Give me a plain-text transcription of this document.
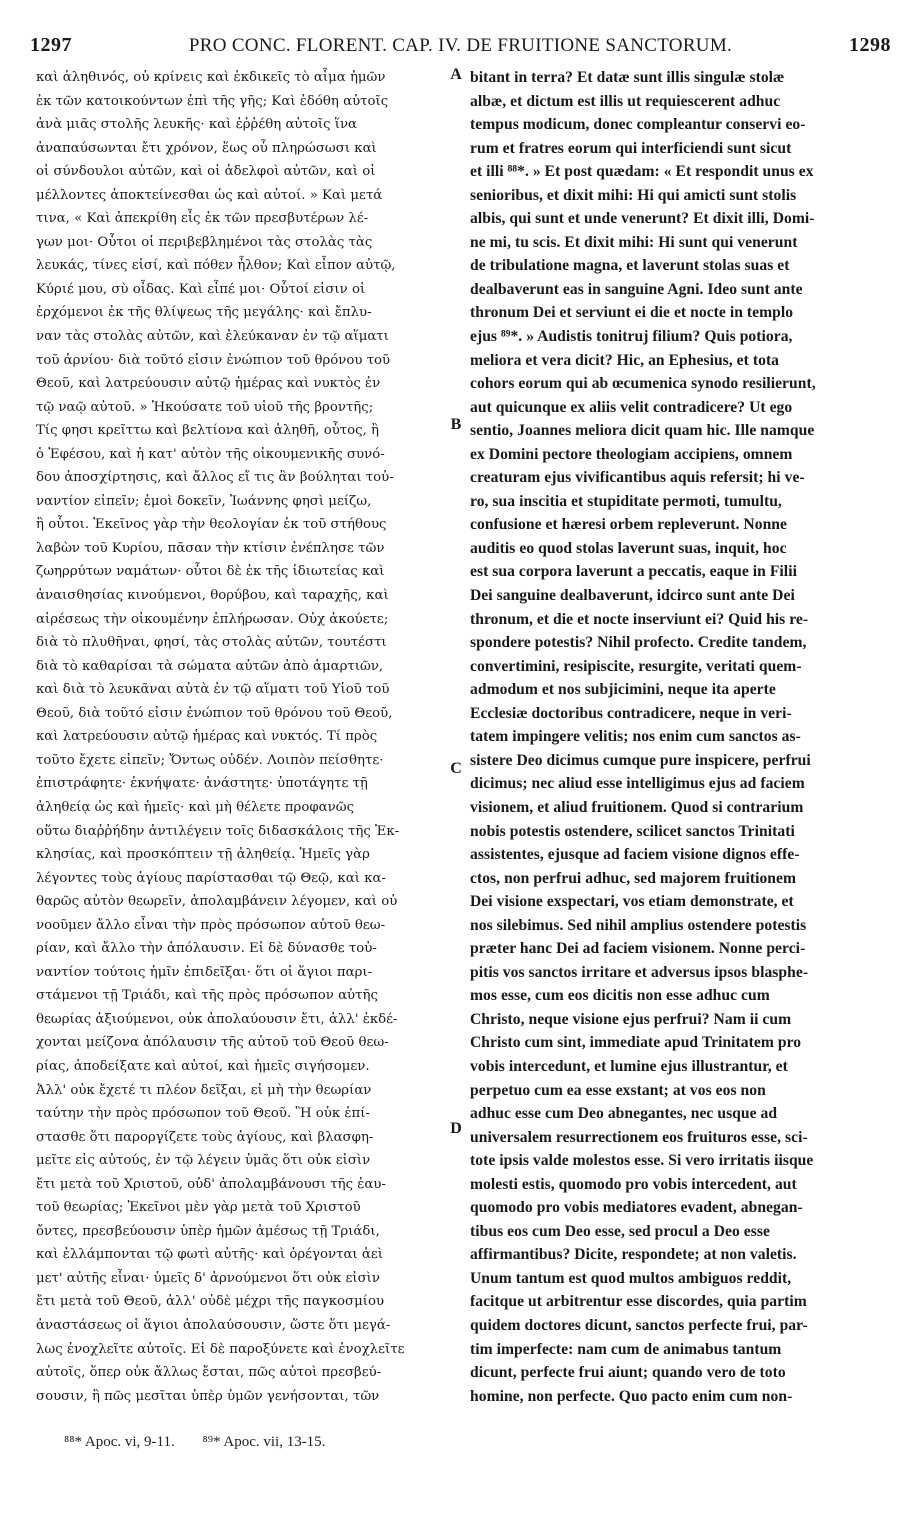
1297	PRO CONC. FLORENT. CAP. IV. DE FRUITIONE SANCTORUM.	1298

καὶ ἀληθινός, οὐ κρίνεις καὶ ἐκδικεῖς τὸ αἷμα ἡμῶν
ἐκ τῶν κατοικούντων ἐπὶ τῆς γῆς; Καὶ ἐδόθη αὐτοῖς
ἀνὰ μιᾶς στολῆς λευκῆς· καὶ ἐῤῥέθη αὐτοῖς ἵνα
ἀναπαύσωνται ἔτι χρόνον, ἕως οὗ πληρώσωσι καὶ
οἱ σύνδουλοι αὐτῶν, καὶ οἱ ἀδελφοὶ αὐτῶν, καὶ οἱ
μέλλοντες ἀποκτείνεσθαι ὡς καὶ αὐτοί. » Καὶ μετά
τινα, « Καὶ ἀπεκρίθη εἷς ἐκ τῶν πρεσβυτέρων λέ-
γων μοι· Οὗτοι οἱ περιβεβλημένοι τὰς στολὰς τὰς
λευκάς, τίνες εἰσί, καὶ πόθεν ἦλθον; Καὶ εἶπον αὐτῷ,
Κύριέ μου, σὺ οἶδας. Καὶ εἶπέ μοι· Οὗτοί εἰσιν οἱ
ἐρχόμενοι ἐκ τῆς θλίψεως τῆς μεγάλης· καὶ ἔπλυ-
ναν τὰς στολὰς αὐτῶν, καὶ ἐλεύκαναν ἐν τῷ αἵματι
τοῦ ἀρνίου· διὰ τοῦτό εἰσιν ἐνώπιον τοῦ θρόνου τοῦ
Θεοῦ, καὶ λατρεύουσιν αὐτῷ ἡμέρας καὶ νυκτὸς ἐν
τῷ ναῷ αὐτοῦ. » Ἠκούσατε τοῦ υἱοῦ τῆς βροντῆς;
Τίς φησι κρεῖττω καὶ βελτίονα καὶ ἀληθῆ, οὗτος, ἢ
ὁ Ἐφέσου, καὶ ἡ κατ' αὐτὸν τῆς οἰκουμενικῆς συνό-
δου ἀποσχίρτησις, καὶ ἄλλος εἴ τις ἂν βούληται τοὐ-
ναντίον εἰπεῖν; ἐμοὶ δοκεῖν, Ἰωάννης φησὶ μείζω,
ἢ οὗτοι. Ἐκεῖνος γὰρ τὴν θεολογίαν ἐκ τοῦ στήθους
λαβὼν τοῦ Κυρίου, πᾶσαν τὴν κτίσιν ἐνέπλησε τῶν
ζωηρρύτων ναμάτων· οὗτοι δὲ ἐκ τῆς ἰδιωτείας καὶ
ἀναισθησίας κινούμενοι, θορύβου, καὶ ταραχῆς, καὶ
αἱρέσεως τὴν οἰκουμένην ἐπλήρωσαν. Οὐχ ἀκούετε;
διὰ τὸ πλυθῆναι, φησί, τὰς στολὰς αὐτῶν, τουτέστι
διὰ τὸ καθαρίσαι τὰ σώματα αὐτῶν ἀπὸ ἁμαρτιῶν,
καὶ διὰ τὸ λευκᾶναι αὐτὰ ἐν τῷ αἵματι τοῦ Υἱοῦ τοῦ
Θεοῦ, διὰ τοῦτό εἰσιν ἐνώπιον τοῦ θρόνου τοῦ Θεοῦ,
καὶ λατρεύουσιν αὐτῷ ἡμέρας καὶ νυκτός. Τί πρὸς
τοῦτο ἔχετε εἰπεῖν; Ὄντως οὐδέν. Λοιπὸν πείσθητε·
ἐπιστράφητε· ἐκνήψατε· ἀνάστητε· ὑποτάγητε τῇ
ἀληθείᾳ ὡς καὶ ἡμεῖς· καὶ μὴ θέλετε προφανῶς
οὕτω διαῤῥήδην ἀντιλέγειν τοῖς διδασκάλοις τῆς Ἐκ-
κλησίας, καὶ προσκόπτειν τῇ ἀληθείᾳ. Ἡμεῖς γὰρ
λέγοντες τοὺς ἁγίους παρίστασθαι τῷ Θεῷ, καὶ κα-
θαρῶς αὐτὸν θεωρεῖν, ἀπολαμβάνειν λέγομεν, καὶ οὐ
νοοῦμεν ἄλλο εἶναι τὴν πρὸς πρόσωπον αὐτοῦ θεω-
ρίαν, καὶ ἄλλο τὴν ἀπόλαυσιν. Εἰ δὲ δύνασθε τοὐ-
ναντίον τούτοις ἡμῖν ἐπιδεῖξαι· ὅτι οἱ ἅγιοι παρι-
στάμενοι τῇ Τριάδι, καὶ τῆς πρὸς πρόσωπον αὐτῆς
θεωρίας ἀξιούμενοι, οὐκ ἀπολαύουσιν ἔτι, ἀλλ' ἐκδέ-
χονται μείζονα ἀπόλαυσιν τῆς αὐτοῦ τοῦ Θεοῦ θεω-
ρίας, ἀποδείξατε καὶ αὐτοί, καὶ ἡμεῖς σιγήσομεν.
Ἀλλ' οὐκ ἔχετέ τι πλέον δεῖξαι, εἰ μὴ τὴν θεωρίαν
ταύτην τὴν πρὸς πρόσωπον τοῦ Θεοῦ. Ἢ οὐκ ἐπί-
στασθε ὅτι παροργίζετε τοὺς ἁγίους, καὶ βλασφη-
μεῖτε εἰς αὐτούς, ἐν τῷ λέγειν ὑμᾶς ὅτι οὐκ εἰσὶν
ἔτι μετὰ τοῦ Χριστοῦ, οὐδ' ἀπολαμβάνουσι τῆς ἑαυ-
τοῦ θεωρίας; Ἐκεῖνοι μὲν γὰρ μετὰ τοῦ Χριστοῦ
ὄντες, πρεσβεύουσιν ὑπὲρ ἡμῶν ἀμέσως τῇ Τριάδι,
καὶ ἐλλάμπονται τῷ φωτὶ αὐτῆς· καὶ ὀρέγονται ἀεὶ
μετ' αὐτῆς εἶναι· ὑμεῖς δ' ἀρνούμενοι ὅτι οὐκ εἰσὶν
ἔτι μετὰ τοῦ Θεοῦ, ἀλλ' οὐδὲ μέχρι τῆς παγκοσμίου
ἀναστάσεως οἱ ἅγιοι ἀπολαύσουσιν, ὥστε ὅτι μεγά-
λως ἐνοχλεῖτε αὐτοῖς. Εἰ δὲ παροξύνετε καὶ ἐνοχλεῖτε
αὐτοῖς, ὅπερ οὐκ ἄλλως ἔσται, πῶς αὐτοὶ πρεσβεύ-
σουσιν, ἢ πῶς μεσῖται ὑπὲρ ὑμῶν γενήσονται, τῶν

bitant in terra? Et datæ sunt illis singulæ stolæ
albæ, et dictum est illis ut requiescerent adhuc
tempus modicum, donec compleantur conservi eo-
rum et fratres eorum qui interficiendi sunt sicut
et illi ⁸⁸*. » Et post quædam: « Et respondit unus ex
senioribus, et dixit mihi: Hi qui amicti sunt stolis
albis, qui sunt et unde venerunt? Et dixit illi, Domi-
ne mi, tu scis. Et dixit mihi: Hi sunt qui venerunt
de tribulatione magna, et laverunt stolas suas et
dealbaverunt eas in sanguine Agni. Ideo sunt ante
thronum Dei et serviunt ei die et nocte in templo
ejus ⁸⁹*. » Audistis tonitruj filium? Quis potiora,
meliora et vera dicit? Hic, an Ephesius, et tota
cohors eorum qui ab œcumenica synodo resilierunt,
aut quicunque ex aliis velit contradicere? Ut ego
sentio, Joannes meliora dicit quam hic. Ille namque
ex Domini pectore theologiam accipiens, omnem
creaturam ejus vivificantibus aquis refersit; hi ve-
ro, sua inscitia et stupiditate permoti, tumultu,
confusione et hæresi orbem repleverunt. Nonne
auditis eo quod stolas laverunt suas, inquit, hoc
est sua corpora laverunt a peccatis, eaque in Filii
Dei sanguine dealbaverunt, idcirco sunt ante Dei
thronum, et die et nocte inserviunt ei? Quid his re-
spondere potestis? Nihil profecto. Credite tandem,
convertimini, resipiscite, resurgite, veritati quem-
admodum et nos subjicimini, neque ita aperte
Ecclesiæ doctoribus contradicere, neque in veri-
tatem impingere velitis; nos enim cum sanctos as-
sistere Deo dicimus cumque pure inspicere, perfrui
dicimus; nec aliud esse intelligimus ejus ad faciem
visionem, et aliud fruitionem. Quod si contrarium
nobis potestis ostendere, scilicet sanctos Trinitati
assistentes, ejusque ad faciem visione dignos effe-
ctos, non perfrui adhuc, sed majorem fruitionem
Dei visione exspectari, vos etiam demonstrate, et
nos silebimus. Sed nihil amplius ostendere potestis
præter hanc Dei ad faciem visionem. Nonne perci-
pitis vos sanctos irritare et adversus ipsos blasphe-
mos esse, cum eos dicitis non esse adhuc cum
Christo, neque visione ejus perfrui? Nam ii cum
Christo cum sint, immediate apud Trinitatem pro
vobis intercedunt, et lumine ejus illustrantur, et
perpetuo cum ea esse exstant; at vos eos non
adhuc esse cum Deo abnegantes, nec usque ad
universalem resurrectionem eos fruituros esse, sci-
tote ipsis valde molestos esse. Si vero irritatis iisque
molesti estis, quomodo pro vobis intercedent, aut
quomodo pro vobis mediatores evadent, abnegan-
tibus eos cum Deo esse, sed procul a Deo esse
affirmantibus? Dicite, respondete; at non valetis.
Unum tantum est quod multos ambiguos reddit,
facitque ut arbitrentur esse discordes, quia partim
quidem doctores dicunt, sanctos perfecte frui, par-
tim imperfecte: nam cum de animabus tantum
dicunt, perfecte frui aiunt; quando vero de toto
homine, non perfecte. Quo pacto enim cum non-

A
B
C
D
⁸⁸* Apoc. vi, 9-11. ⁸⁹* Apoc. vii, 13-15.
